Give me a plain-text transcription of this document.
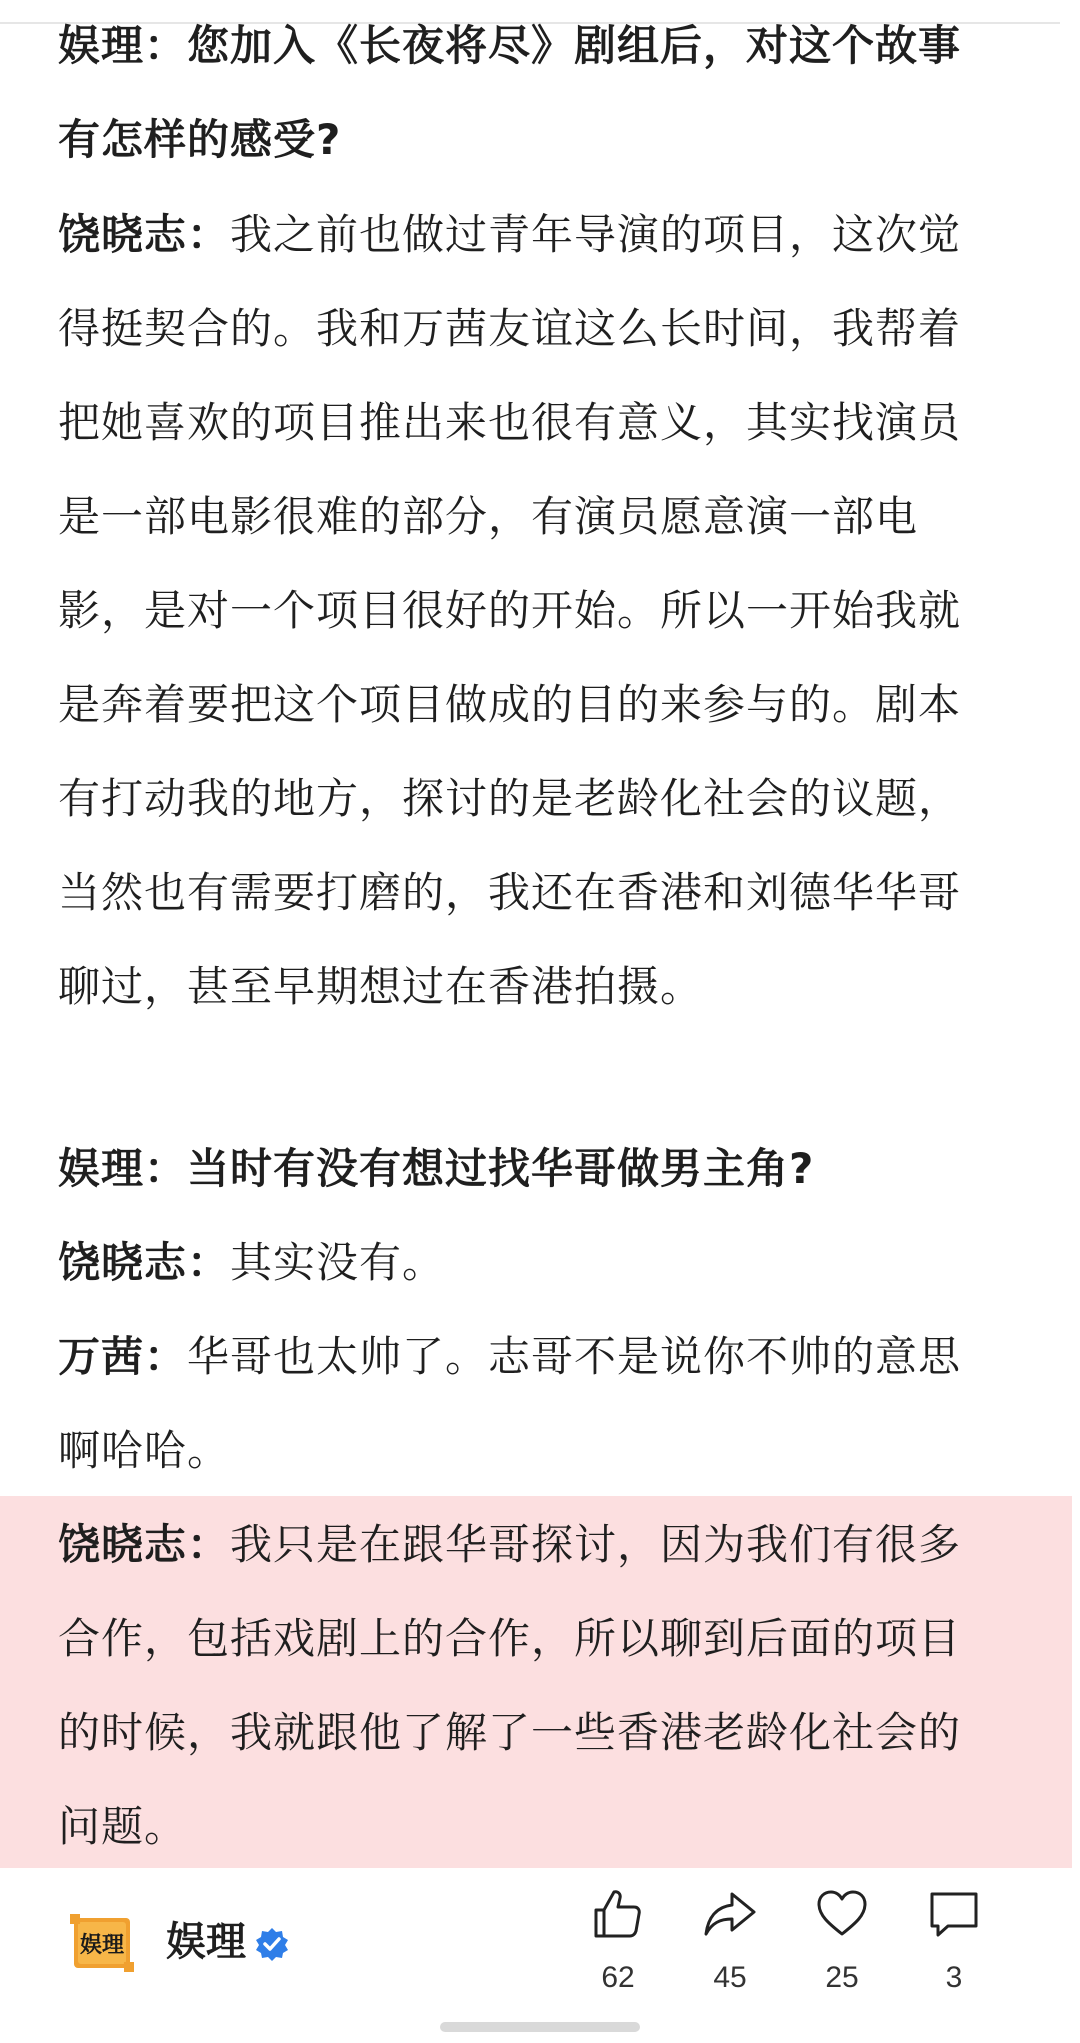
娱理：您加入《长夜将尽》剧组后，对这个故事
有怎样的感受?
饶晓志：我之前也做过青年导演的项目，这次觉
得挺契合的。我和万茜友谊这么长时间，我帮着
把她喜欢的项目推出来也很有意义，其实找演员
是一部电影很难的部分，有演员愿意演一部电
影，是对一个项目很好的开始。所以一开始我就
是奔着要把这个项目做成的目的来参与的。剧本
有打动我的地方，探讨的是老龄化社会的议题，
当然也有需要打磨的，我还在香港和刘德华华哥
聊过，甚至早期想过在香港拍摄。
娱理：当时有没有想过找华哥做男主角?
饶晓志：其实没有。
万茜：华哥也太帅了。志哥不是说你不帅的意思
啊哈哈。
饶晓志：我只是在跟华哥探讨，因为我们有很多
合作，包括戏剧上的合作，所以聊到后面的项目
的时候，我就跟他了解了一些香港老龄化社会的
问题。
娱理 娱理
62	45	25	3
